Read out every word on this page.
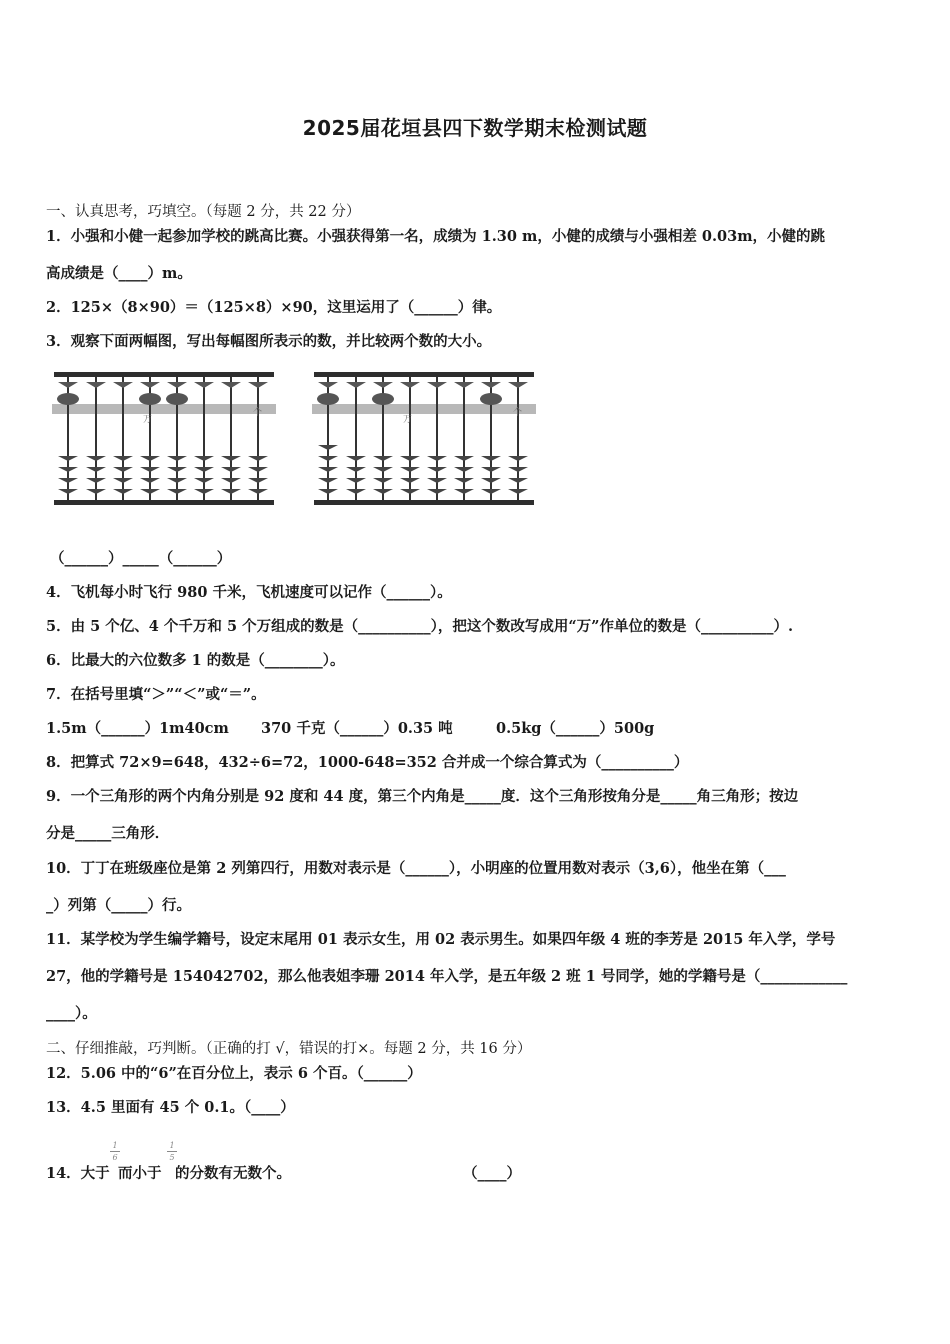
2025届花垣县四下数学期末检测试题
一、认真思考，巧填空。（每题 2 分，共 22 分）
1．小强和小健一起参加学校的跳高比赛。小强获得第一名，成绩为 1.30 m，小健的成绩与小强相差 0.03m，小健的跳
高成绩是（____）m。
2．125×（8×90）＝（125×8）×90，这里运用了（______）律。
3．观察下面两幅图，写出每幅图所表示的数，并比较两个数的大小。
万
个
万
个
（______）_____（______）
4．飞机每小时飞行 980 千米，飞机速度可以记作（______）。
5．由 5 个亿、4 个千万和 5 个万组成的数是（__________），把这个数改写成用“万”作单位的数是（__________）.
6．比最大的六位数多 1 的数是（________）。
7．在括号里填“＞”“＜”或“＝”。
1.5m（______）1m40cm 370 千克（______）0.35 吨	0.5kg（______）500g
8．把算式 72×9=648，432÷6=72，1000-648=352 合并成一个综合算式为（__________）
9．一个三角形的两个内角分别是 92 度和 44 度，第三个内角是_____度．这个三角形按角分是_____角三角形；按边
分是_____三角形．
10．丁丁在班级座位是第 2 列第四行，用数对表示是（______），小明座的位置用数对表示（3,6），他坐在第（___
_）列第（_____）行。
11．某学校为学生编学籍号，设定末尾用 01 表示女生，用 02 表示男生。如果四年级 4 班的李芳是 2015 年入学，学号
27，他的学籍号是 154042702，那么他表姐李珊 2014 年入学，是五年级 2 班 1 号同学，她的学籍号是（____________
____）。
二、仔细推敲，巧判断。（正确的打 √，错误的打×。每题 2 分，共 16 分）
12．5.06 中的“6”在百分位上，表示 6 个百。（______）
13．4.5 里面有 45 个 0.1。（____）
14．大于
1
6
而小于
1
5
的分数有无数个。	（____）
